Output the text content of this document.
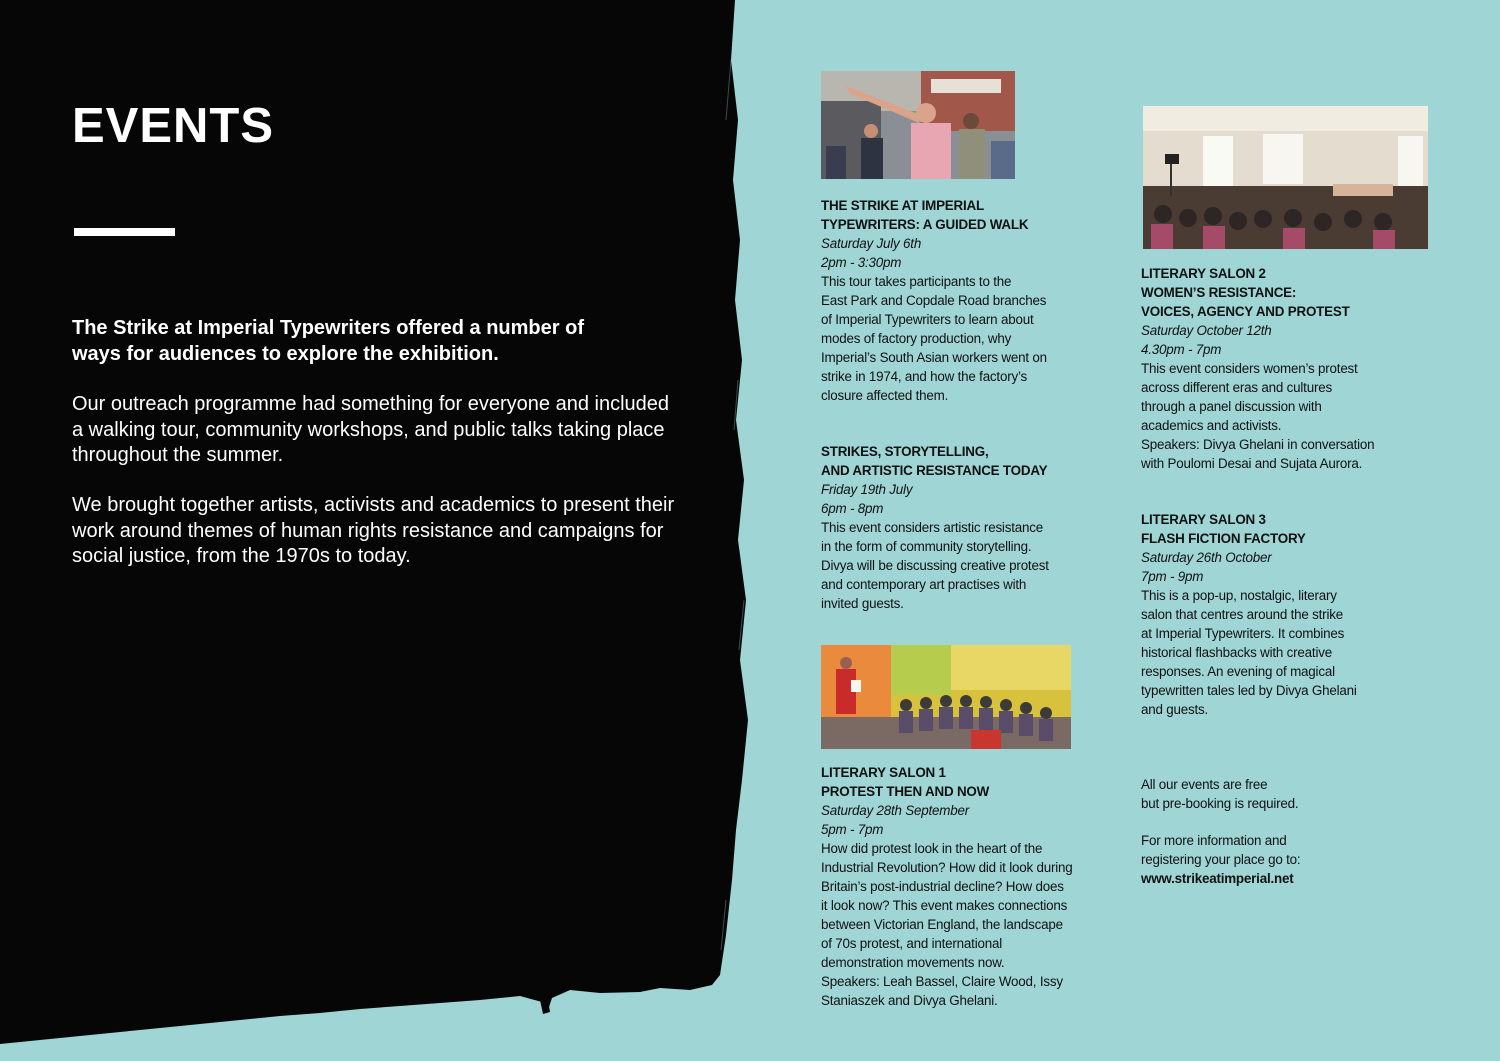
EVENTS

The Strike at Imperial Typewriters offered a number of ways for audiences to explore the exhibition.

Our outreach programme had something for everyone and included a walking tour, community workshops, and public talks taking place throughout the summer.

We brought together artists, activists and academics to present their work around themes of human rights resistance and campaigns for social justice, from the 1970s to today.

THE STRIKE AT IMPERIAL

TYPEWRITERS: A GUIDED WALK

Saturday July 6th

2pm - 3:30pm

This tour takes participants to the

East Park and Copdale Road branches

of Imperial Typewriters to learn about

modes of factory production, why

Imperial’s South Asian workers went on

strike in 1974, and how the factory’s

closure affected them.

STRIKES, STORYTELLING,

AND ARTISTIC RESISTANCE TODAY

Friday 19th July

6pm - 8pm

This event considers artistic resistance

in the form of community storytelling.

Divya will be discussing creative protest

and contemporary art practises with

invited guests.

LITERARY SALON 1

PROTEST THEN AND NOW

Saturday 28th September

5pm - 7pm

How did protest look in the heart of the

Industrial Revolution? How did it look during

Britain’s post-industrial decline? How does

it look now? This event makes connections

between Victorian England, the landscape

of 70s protest, and international

demonstration movements now.

Speakers: Leah Bassel, Claire Wood, Issy

Staniaszek and Divya Ghelani.

LITERARY SALON 2

WOMEN’S RESISTANCE:

VOICES, AGENCY AND PROTEST

Saturday October 12th

4.30pm - 7pm

This event considers women’s protest

across different eras and cultures

through a panel discussion with

academics and activists.

Speakers: Divya Ghelani in conversation

with Poulomi Desai and Sujata Aurora.

LITERARY SALON 3

FLASH FICTION FACTORY

Saturday 26th October

7pm - 9pm

This is a pop-up, nostalgic, literary

salon that centres around the strike

at Imperial Typewriters. It combines

historical flashbacks with creative

responses. An evening of magical

typewritten tales led by Divya Ghelani

and guests.

All our events are free

but pre-booking is required.

For more information and

registering your place go to:

www.strikeatimperial.net
